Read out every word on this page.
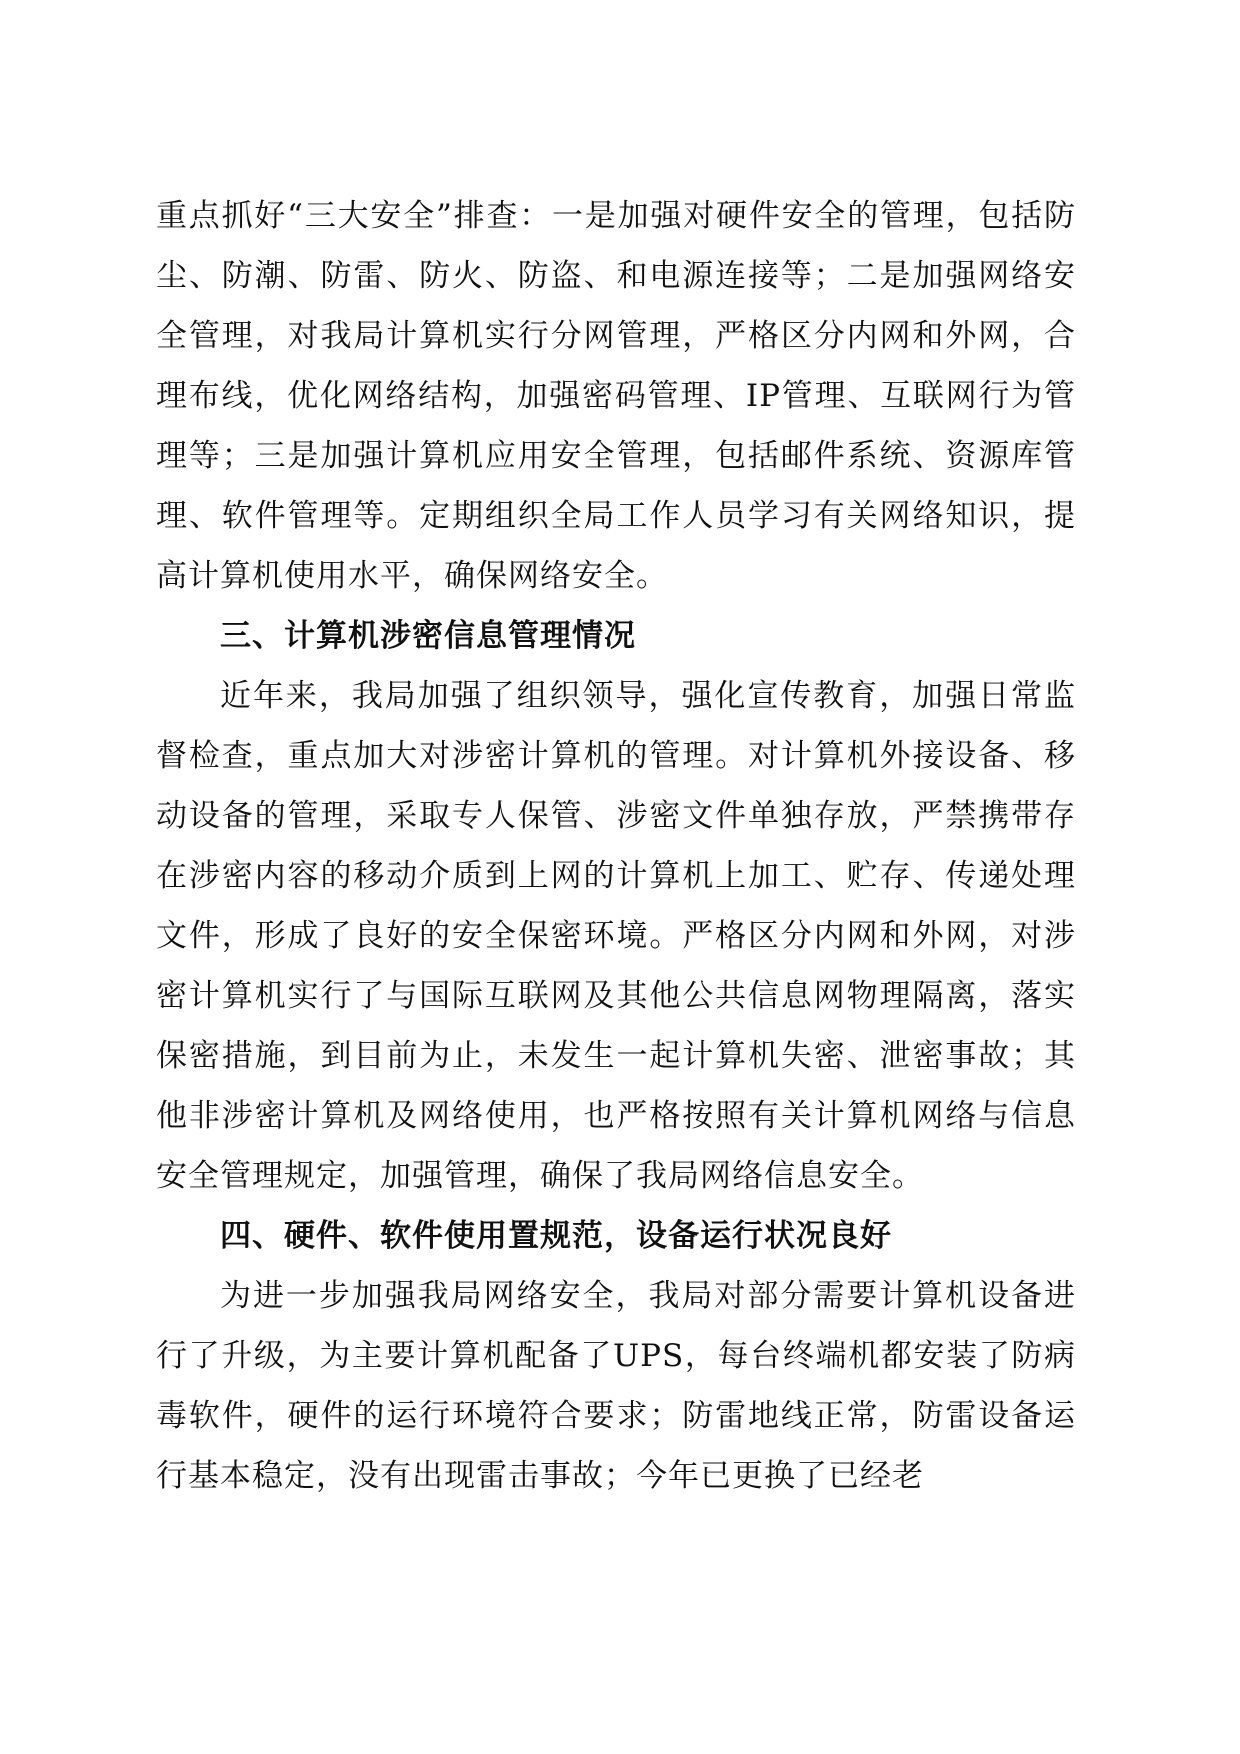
重点抓好“三大安全”排查：一是加强对硬件安全的管理，包括防尘、防潮、防雷、防火、防盗、和电源连接等；二是加强网络安全管理，对我局计算机实行分网管理，严格区分内网和外网，合理布线，优化网络结构，加强密码管理、IP管理、互联网行为管理等；三是加强计算机应用安全管理，包括邮件系统、资源库管理、软件管理等。定期组织全局工作人员学习有关网络知识，提高计算机使用水平，确保网络安全。

三、计算机涉密信息管理情况

近年来，我局加强了组织领导，强化宣传教育，加强日常监督检查，重点加大对涉密计算机的管理。对计算机外接设备、移动设备的管理，采取专人保管、涉密文件单独存放，严禁携带存在涉密内容的移动介质到上网的计算机上加工、贮存、传递处理文件，形成了良好的安全保密环境。严格区分内网和外网，对涉密计算机实行了与国际互联网及其他公共信息网物理隔离，落实保密措施，到目前为止，未发生一起计算机失密、泄密事故；其他非涉密计算机及网络使用，也严格按照有关计算机网络与信息安全管理规定，加强管理，确保了我局网络信息安全。

四、硬件、软件使用置规范，设备运行状况良好

为进一步加强我局网络安全，我局对部分需要计算机设备进行了升级，为主要计算机配备了UPS，每台终端机都安装了防病毒软件，硬件的运行环境符合要求；防雷地线正常，防雷设备运行基本稳定，没有出现雷击事故；今年已更换了已经老
